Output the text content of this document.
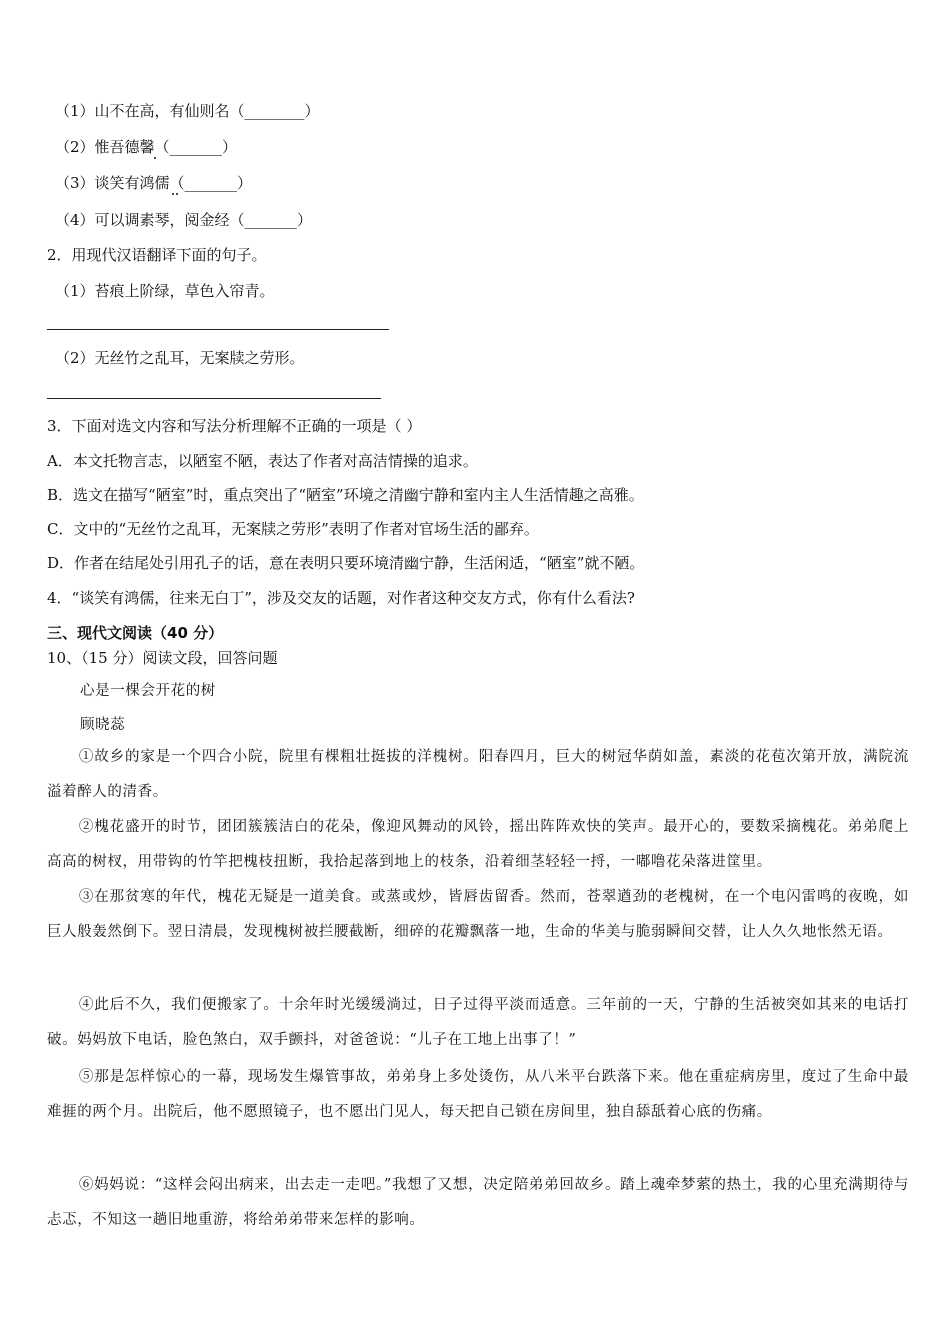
（1）山不在高，有仙则名（________）
（2）惟吾德馨（_______）
（3）谈笑有鸿儒（_______）
（4）可以调素琴，阅金经（_______）
2．用现代汉语翻译下面的句子。
（1）苔痕上阶绿，草色入帘青。
（2）无丝竹之乱耳，无案牍之劳形。
3．下面对选文内容和写法分析理解不正确的一项是（ ）
A．本文托物言志，以陋室不陋，表达了作者对高洁情操的追求。
B．选文在描写“陋室”时，重点突出了“陋室”环境之清幽宁静和室内主人生活情趣之高雅。
C．文中的“无丝竹之乱耳，无案牍之劳形”表明了作者对官场生活的鄙弃。
D．作者在结尾处引用孔子的话，意在表明只要环境清幽宁静，生活闲适，“陋室”就不陋。
4．“谈笑有鸿儒，往来无白丁”，涉及交友的话题，对作者这种交友方式，你有什么看法?
三、现代文阅读（40 分）
10、（15 分）阅读文段，回答问题
心是一棵会开花的树
顾晓蕊
①故乡的家是一个四合小院，院里有棵粗壮挺拔的洋槐树。阳春四月，巨大的树冠华荫如盖，素淡的花苞次第开放，满院流溢着醉人的清香。
②槐花盛开的时节，团团簇簇洁白的花朵，像迎风舞动的风铃，摇出阵阵欢快的笑声。最开心的，要数采摘槐花。弟弟爬上高高的树杈，用带钩的竹竿把槐枝扭断，我拾起落到地上的枝条，沿着细茎轻轻一捋，一嘟噜花朵落进筐里。
③在那贫寒的年代，槐花无疑是一道美食。或蒸或炒，皆唇齿留香。然而，苍翠遒劲的老槐树，在一个电闪雷鸣的夜晚，如巨人般轰然倒下。翌日清晨，发现槐树被拦腰截断，细碎的花瓣飘落一地，生命的华美与脆弱瞬间交替，让人久久地怅然无语。
④此后不久，我们便搬家了。十余年时光缓缓淌过，日子过得平淡而适意。三年前的一天，宁静的生活被突如其来的电话打破。妈妈放下电话，脸色煞白，双手颤抖，对爸爸说：“儿子在工地上出事了！”
⑤那是怎样惊心的一幕，现场发生爆管事故，弟弟身上多处烫伤，从八米平台跌落下来。他在重症病房里，度过了生命中最难捱的两个月。出院后，他不愿照镜子，也不愿出门见人，每天把自己锁在房间里，独自舔舐着心底的伤痛。
⑥妈妈说：“这样会闷出病来，出去走一走吧。”我想了又想，决定陪弟弟回故乡。踏上魂牵梦萦的热土，我的心里充满期待与忐忑，不知这一趟旧地重游，将给弟弟带来怎样的影响。
